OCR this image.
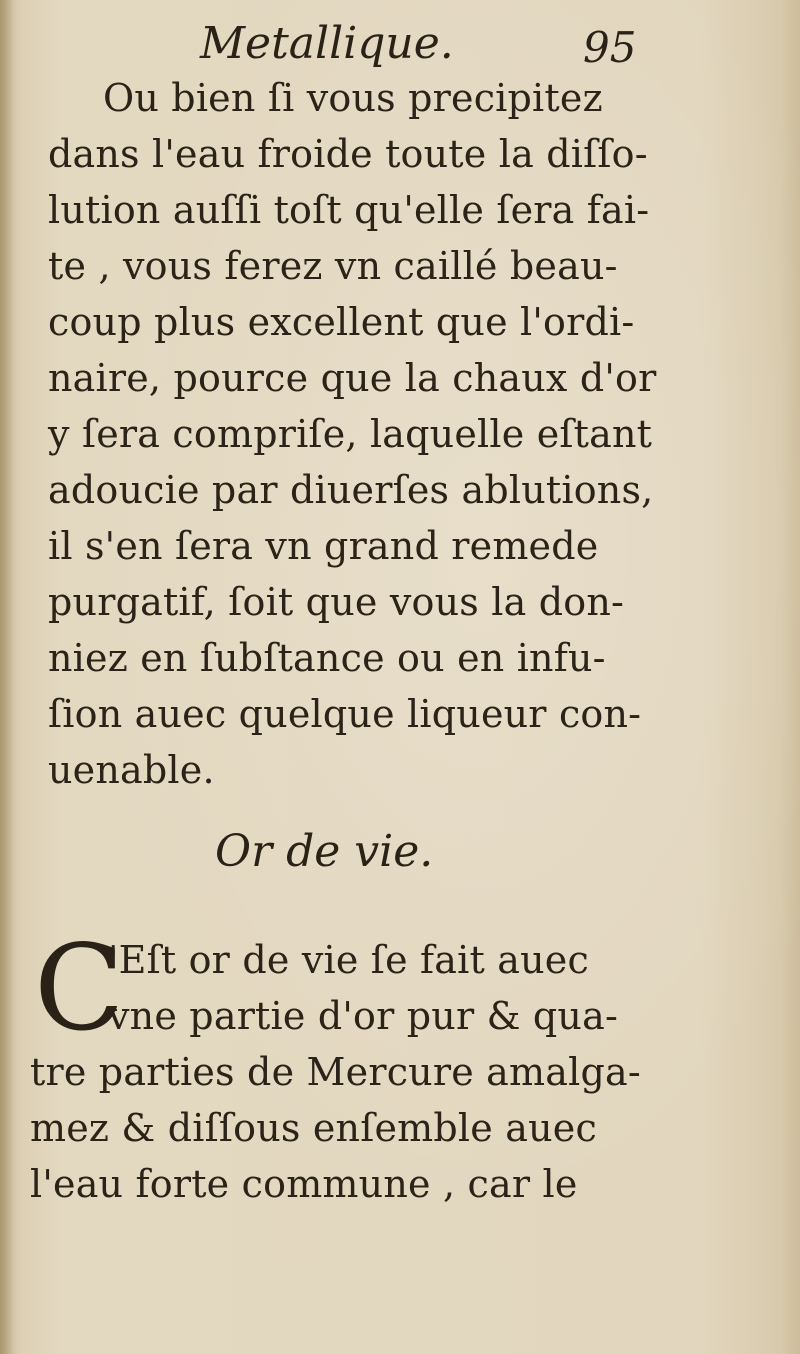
Metallique.	95
Ou bien ſi vous precipitez
dans l'eau froide toute la diſſo-
lution auſſi toſt qu'elle ſera fai-
te , vous ferez vn caillé beau-
coup plus excellent que l'ordi-
naire, pource que la chaux d'or
y ſera compriſe, laquelle eſtant
adoucie par diuerſes ablutions,
il s'en ſera vn grand remede
purgatif, ſoit que vous la don-
niez en ſubſtance ou en infu-
ſion auec quelque liqueur con-
uenable.
Or de vie.
C
'Eſt or de vie ſe fait auec
vne partie d'or pur & qua-
tre parties de Mercure amalga-
mez & diſſous enſemble auec
l'eau forte commune , car le
